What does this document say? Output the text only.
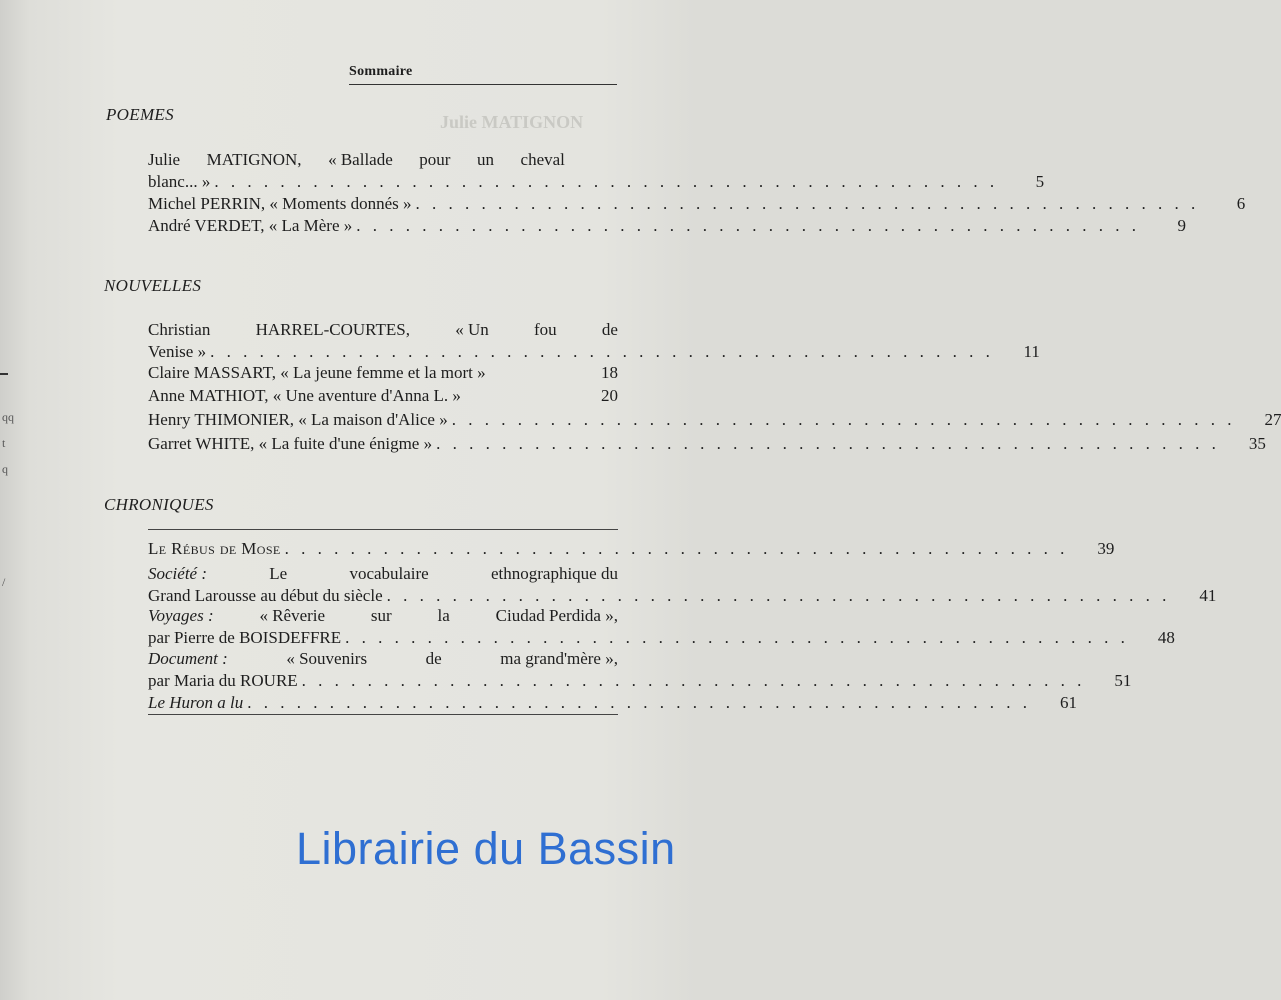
Julie MATIGNON
qq
t
q
/
Sommaire
POEMES
Julie MATIGNON, « Ballade pour un cheval
blanc... » . . . . . . . . . . . . . . . . . . . . . . . . . . . . . . . . . . . . . . . . . . . . . . . .	5
Michel PERRIN, « Moments donnés » . . . . . . . . . . . . . . . . . . . . . . . . . . . . . . . . . . . . . . . . . . . . . . . .	6
André VERDET, « La Mère » . . . . . . . . . . . . . . . . . . . . . . . . . . . . . . . . . . . . . . . . . . . . . . . .	9
NOUVELLES
Christian	HARREL-COURTES,	« Un	fou	de
Venise » . . . . . . . . . . . . . . . . . . . . . . . . . . . . . . . . . . . . . . . . . . . . . . . .	11
Claire MASSART, « La jeune femme et la mort »	18
Anne MATHIOT, « Une aventure d'Anna L. »	20
Henry THIMONIER, « La maison d'Alice » . . . . . . . . . . . . . . . . . . . . . . . . . . . . . . . . . . . . . . . . . . . . . . . .	27
Garret WHITE, « La fuite d'une énigme » . . . . . . . . . . . . . . . . . . . . . . . . . . . . . . . . . . . . . . . . . . . . . . . .	35
CHRONIQUES
Le Rébus de Mose . . . . . . . . . . . . . . . . . . . . . . . . . . . . . . . . . . . . . . . . . . . . . . . .	39
Société :	Le	vocabulaire	ethnographique du
Grand Larousse au début du siècle . . . . . . . . . . . . . . . . . . . . . . . . . . . . . . . . . . . . . . . . . . . . . . . .	41
Voyages :	« Rêverie	sur	la	Ciudad Perdida »,
par Pierre de BOISDEFFRE . . . . . . . . . . . . . . . . . . . . . . . . . . . . . . . . . . . . . . . . . . . . . . . .	48
Document :	« Souvenirs	de	ma grand'mère »,
par Maria du ROURE . . . . . . . . . . . . . . . . . . . . . . . . . . . . . . . . . . . . . . . . . . . . . . . .	51
Le Huron a lu . . . . . . . . . . . . . . . . . . . . . . . . . . . . . . . . . . . . . . . . . . . . . . . .	61
Librairie du Bassin
